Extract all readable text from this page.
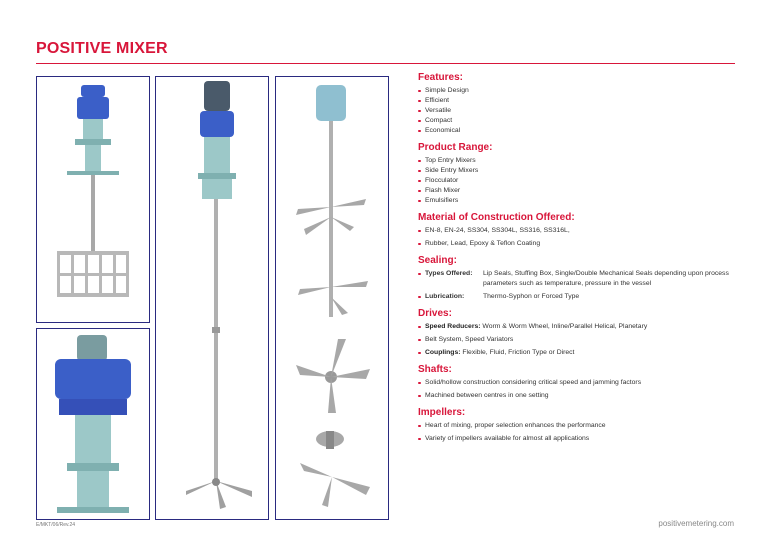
POSITIVE MIXER
Features:
Simple Design
Efficient
Versatile
Compact
Economical
Product Range:
Top Entry Mixers
Side Entry Mixers
Flocculator
Flash Mixer
Emulsifiers
Material of Construction Offered:
EN-8, EN-24, SS304, SS304L, SS316, SS316L,
Rubber, Lead, Epoxy & Teflon Coating
Sealing:
Types Offered:	Lip Seals, Stuffing Box, Single/Double Mechanical Seals depending upon process parameters such as temperature, pressure in the vessel
Lubrication:	Thermo-Syphon or Forced Type
Drives:
Speed Reducers: Worm & Worm Wheel, Inline/Parallel Helical, Planetary
Belt System, Speed Variators
Couplings: Flexible, Fluid, Friction Type or Direct
Shafts:
Solid/hollow construction considering critical speed and jamming factors
Machined between centres in one setting
Impellers:
Heart of mixing, proper selection enhances the performance
Variety of impellers available for almost all applications
E/MKT/06/Rev.24	positivemetering.com
